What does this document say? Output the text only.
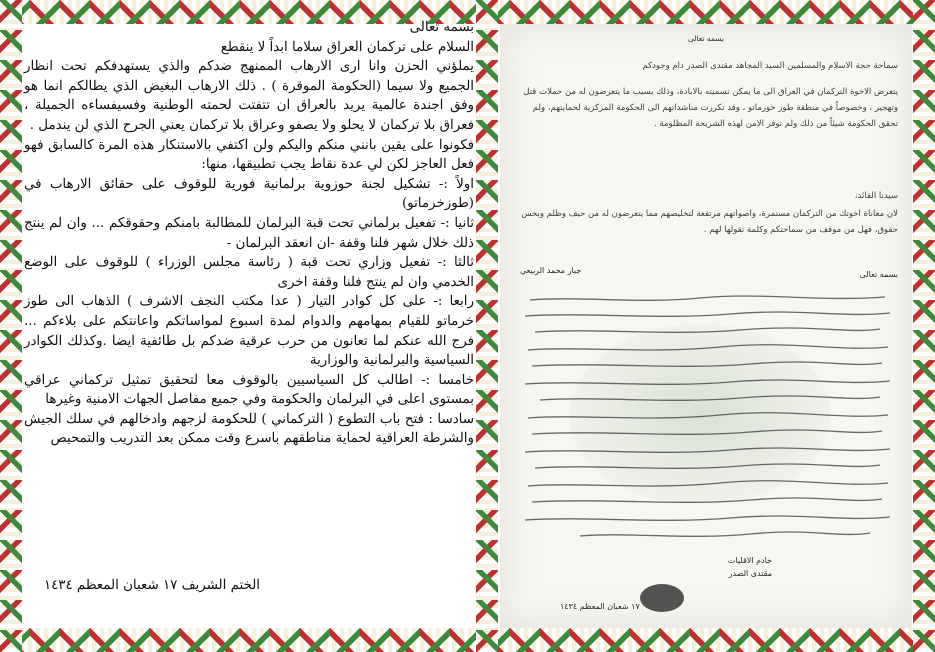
بسمه تعالى

السلام على تركمان العراق سلاما ابداً لا ينقطع

يملؤني الحزن وانا ارى الارهاب الممنهج ضدكم والذي يستهدفكم تحت انظار الجميع ولا سيما (الحكومة الموقرة ) . ذلك الارهاب البغيض الذي يطالكم انما هو وفق اجندة عالمية يريد بالعراق ان تتفتت لحمته الوطنية وفسيفساءه الجميلة ، فعراق بلا تركمان لا يحلو ولا يصفو وعراق بلا تركمان يعني الجرح الذي لن يندمل .

فكونوا على يقين بانني منكم واليكم ولن اكتفي بالاستنكار هذه المرة كالسابق فهو فعل العاجز لكن لي عدة نقاط يجب تطبيقها، منها:

اولاً :- تشكيل لجنة حوزوية برلمانية فورية للوقوف على حقائق الارهاب في (طوزخرماتو)

ثانيا :- تفعيل برلماني تحت قبة البرلمان للمطالبة بامنكم وحقوقكم ... وان لم ينتج ذلك خلال شهر فلنا وقفة -ان انعقد البرلمان -

ثالثا :- تفعيل وزاري تحت قبة ( رئاسة مجلس الوزراء ) للوقوف على الوضع الخدمي وان لم ينتج فلنا وقفة اخرى

رابعا :- على كل كوادر التيار ( عدا مكتب النجف الاشرف ) الذهاب الى طوز خرماتو للقيام بمهامهم والدوام لمدة اسبوع لمواساتكم واعانتكم على بلاءكم ... فرج الله عنكم لما تعانون من حرب عرقية ضدكم بل طائفية ايضا .وكذلك الكوادر السياسية والبرلمانية والوزارية

خامسا :- اطالب كل السياسيين بالوقوف معا لتحقيق تمثيل تركماني عراقي بمستوى اعلى في البرلمان والحكومة وفي جميع مفاصل الجهات الامنية وغيرها

سادسا : فتح باب التطوع ( التركماني ) للحكومة لزجهم وادخالهم في سلك الجيش والشرطة العراقية لحماية مناطقهم باسرع وقت ممكن بعد التدريب والتمحيص

الختم الشريف ١٧ شعبان المعظم ١٤٣٤
بسمه تعالى
سماحة حجة الاسلام والمسلمين السيد المجاهد مقتدى الصدر دام وجودكم
يتعرض الاخوة التركمان في العراق الى ما يمكن تسميته بالابادة، وذلك بسبب ما يتعرضون له من حملات قتل وتهجير ، وخصوصاً في منطقة طوز خورماتو ، وقد تكررت مناشداتهم الى الحكومة المركزية لحمايتهم، ولم تحقق الحكومة شيئاً من ذلك ولم توفر الامن لهذه الشريحة المظلومة .
سيدنا القائد،
لان معاناة اخوتك من التركمان مستمرة، واصواتهم مرتفعة لتخليصهم مما يتعرضون له من حيف وظلم وبخس حقوق، فهل من موقف من سماحتكم وكلمة تقولها لهم .
بسمه تعالى
جبار محمد الربيعي
خادم الاقليات
مقتدى الصدر
١٧ شعبان المعظم ١٤٣٤
